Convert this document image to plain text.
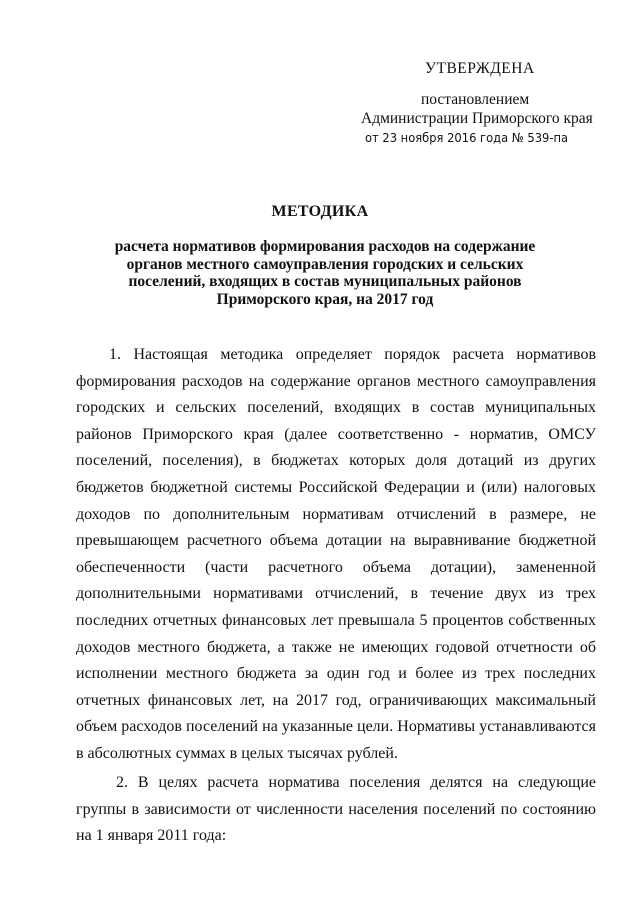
УТВЕРЖДЕНА
постановлением
Администрации Приморского края
от 23 ноября 2016 года № 539-па
МЕТОДИКА
расчета нормативов формирования расходов на содержание
органов местного самоуправления городских и сельских
поселений, входящих в состав муниципальных районов
Приморского края, на 2017 год
1. Настоящая методика определяет порядок расчета нормативов формирования расходов на содержание органов местного самоуправления городских и сельских поселений, входящих в состав муниципальных районов Приморского края (далее соответственно - норматив, ОМСУ поселений, поселения), в бюджетах которых доля дотаций из других бюджетов бюджетной системы Российской Федерации и (или) налоговых доходов по дополнительным нормативам отчислений в размере, не превышающем расчетного объема дотации на выравнивание бюджетной обеспеченности (части расчетного объема дотации), замененной дополнительными нормативами отчислений, в течение двух из трех последних отчетных финансовых лет превышала 5 процентов собственных доходов местного бюджета, а также не имеющих годовой отчетности об исполнении местного бюджета за один год и более из трех последних отчетных финансовых лет, на 2017 год, ограничивающих максимальный объем расходов поселений на указанные цели. Нормативы устанавливаются в абсолютных суммах в целых тысячах рублей.
2. В целях расчета норматива поселения делятся на следующие группы в зависимости от численности населения поселений по состоянию на 1 января 2011 года:
